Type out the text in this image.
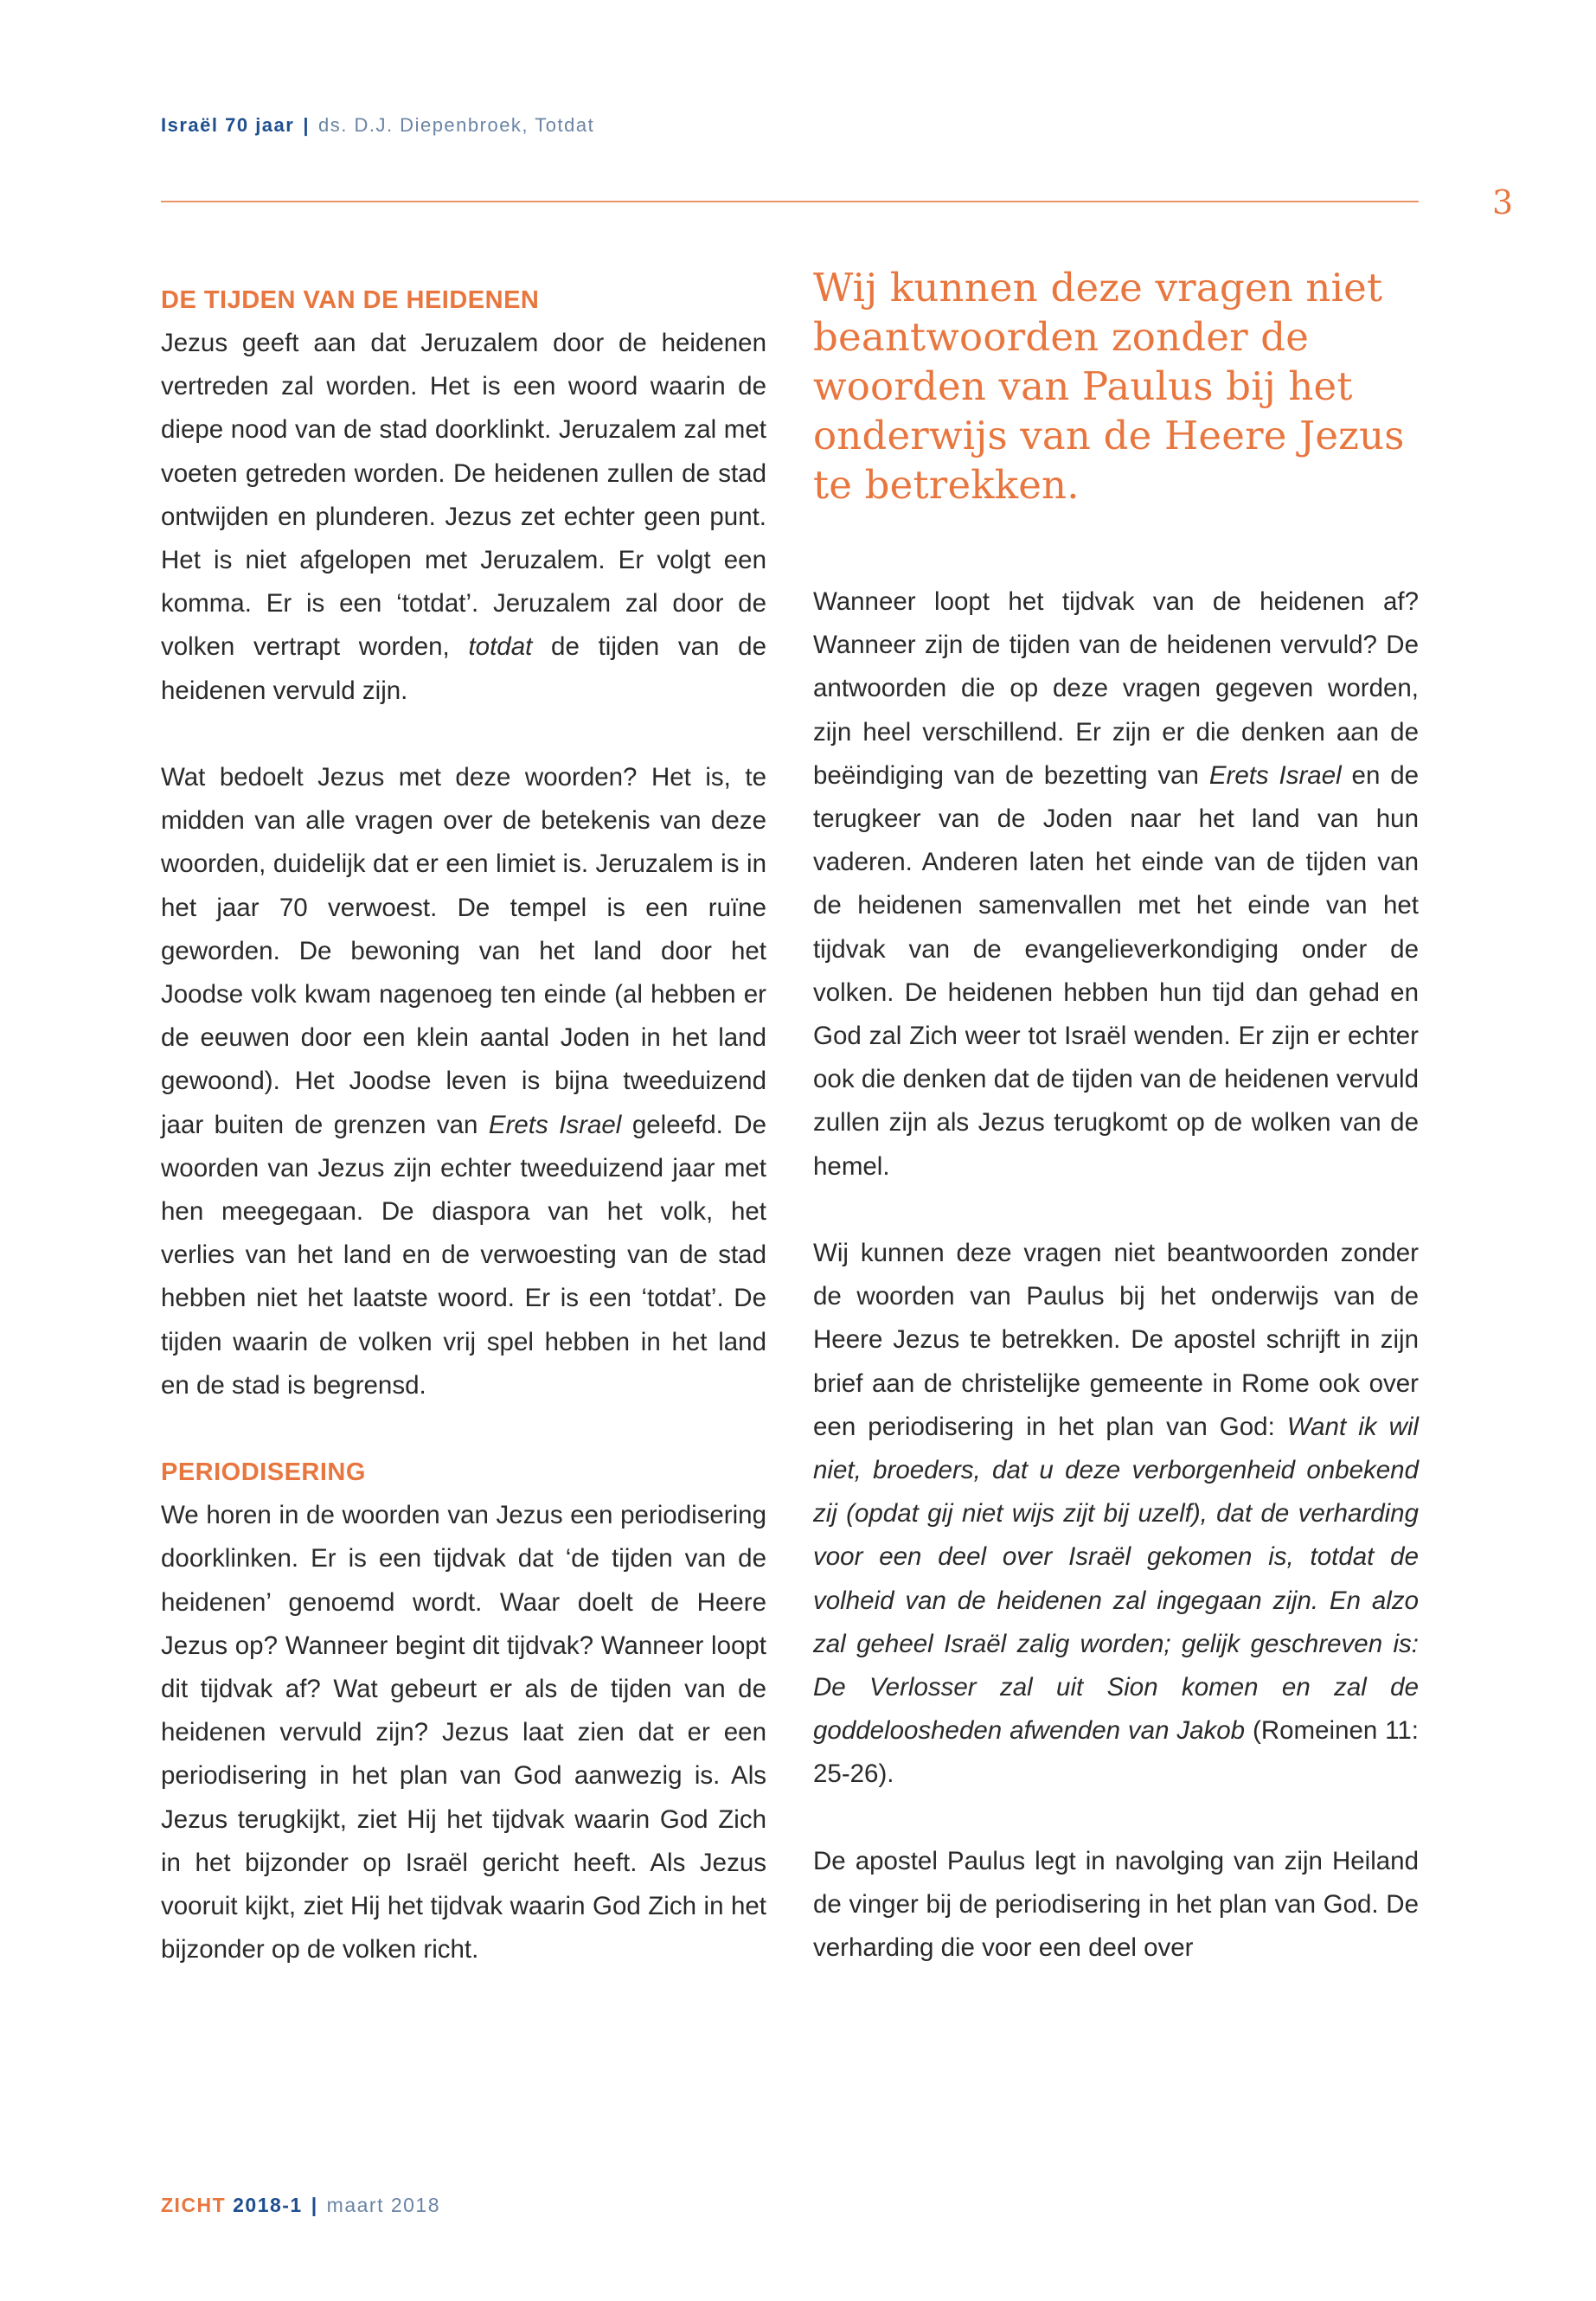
Israël 70 jaar | ds. D.J. Diepenbroek, Totdat
3
DE TIJDEN VAN DE HEIDENEN

Jezus geeft aan dat Jeruzalem door de heidenen vertreden zal worden. Het is een woord waarin de diepe nood van de stad doorklinkt. Jeruzalem zal met voeten getreden worden. De heidenen zullen de stad ontwijden en plunderen. Jezus zet echter geen punt. Het is niet afgelopen met Jeruzalem. Er volgt een komma. Er is een ‘totdat’. Jeruzalem zal door de volken vertrapt worden, totdat de tijden van de heidenen vervuld zijn.

Wat bedoelt Jezus met deze woorden? Het is, te midden van alle vragen over de betekenis van deze woorden, duidelijk dat er een limiet is. Jeruzalem is in het jaar 70 verwoest. De tempel is een ruïne geworden. De bewoning van het land door het Joodse volk kwam nagenoeg ten einde (al hebben er de eeuwen door een klein aantal Joden in het land gewoond). Het Joodse leven is bijna tweeduizend jaar buiten de grenzen van Erets Israel geleefd. De woorden van Jezus zijn echter tweeduizend jaar met hen meegegaan. De diaspora van het volk, het verlies van het land en de verwoesting van de stad hebben niet het laatste woord. Er is een ‘totdat’. De tijden waarin de volken vrij spel hebben in het land en de stad is begrensd.

PERIODISERING

We horen in de woorden van Jezus een periodisering doorklinken. Er is een tijdvak dat ‘de tijden van de heidenen’ genoemd wordt. Waar doelt de Heere Jezus op? Wanneer begint dit tijdvak? Wanneer loopt dit tijdvak af? Wat gebeurt er als de tijden van de heidenen vervuld zijn? Jezus laat zien dat er een periodisering in het plan van God aanwezig is. Als Jezus terugkijkt, ziet Hij het tijdvak waarin God Zich in het bijzonder op Israël gericht heeft. Als Jezus vooruit kijkt, ziet Hij het tijdvak waarin God Zich in het bijzonder op de volken richt.

Wij kunnen deze vragen niet beantwoorden zonder de woorden van Paulus bij het onderwijs van de Heere Jezus te betrekken.

Wanneer loopt het tijdvak van de heidenen af? Wanneer zijn de tijden van de heidenen vervuld? De antwoorden die op deze vragen gegeven worden, zijn heel verschillend. Er zijn er die denken aan de beëindiging van de bezetting van Erets Israel en de terugkeer van de Joden naar het land van hun vaderen. Anderen laten het einde van de tijden van de heidenen samenvallen met het einde van het tijdvak van de evangelieverkondiging onder de volken. De heidenen hebben hun tijd dan gehad en God zal Zich weer tot Israël wenden. Er zijn er echter ook die denken dat de tijden van de heidenen vervuld zullen zijn als Jezus terugkomt op de wolken van de hemel.

Wij kunnen deze vragen niet beantwoorden zonder de woorden van Paulus bij het onderwijs van de Heere Jezus te betrekken. De apostel schrijft in zijn brief aan de christelijke gemeente in Rome ook over een periodisering in het plan van God: Want ik wil niet, broeders, dat u deze verborgenheid onbekend zij (opdat gij niet wijs zijt bij uzelf), dat de verharding voor een deel over Israël gekomen is, totdat de volheid van de heidenen zal ingegaan zijn. En alzo zal geheel Israël zalig worden; gelijk geschreven is: De Verlosser zal uit Sion komen en zal de goddeloosheden afwenden van Jakob (Romeinen 11: 25-26).

De apostel Paulus legt in navolging van zijn Heiland de vinger bij de periodisering in het plan van God. De verharding die voor een deel over

ZICHT 2018-1 | maart 2018
